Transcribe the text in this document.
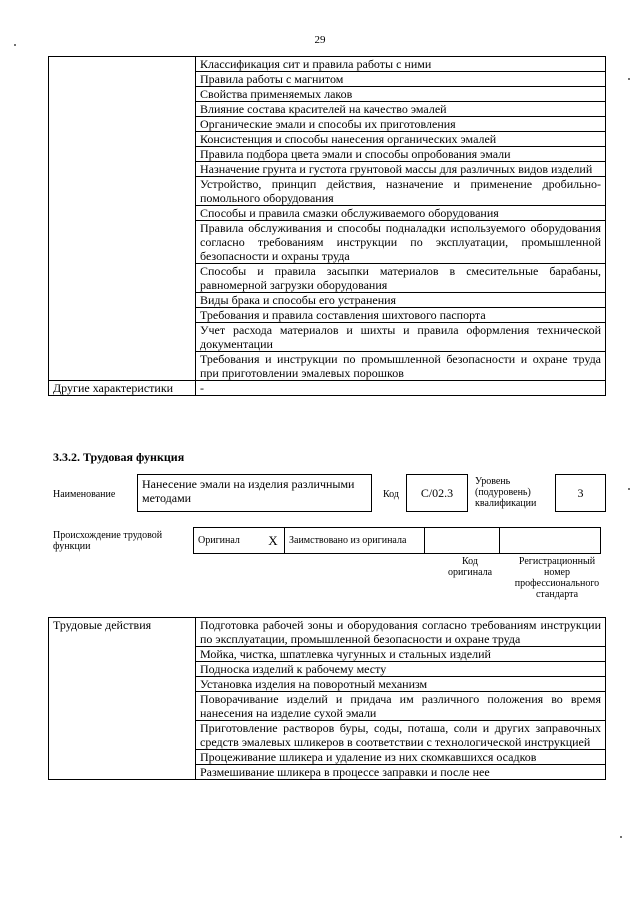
29
	Классификация сит и правила работы с ними
	Правила работы с магнитом
	Свойства применяемых лаков
	Влияние состава красителей на качество эмалей
	Органические эмали и способы их приготовления
	Консистенция и способы нанесения органических эмалей
	Правила подбора цвета эмали и способы опробования эмали
	Назначение грунта и густота грунтовой массы для различных видов изделий
	Устройство, принцип действия, назначение и применение дробильно-помольного оборудования
	Способы и правила смазки обслуживаемого оборудования
	Правила обслуживания и способы подналадки используемого оборудования согласно требованиям инструкции по эксплуатации, промышленной безопасности и охраны труда
	Способы и правила засыпки материалов в смесительные барабаны, равномерной загрузки оборудования
	Виды брака и способы его устранения
	Требования и правила составления шихтового паспорта
	Учет расхода материалов и шихты и правила оформления технической документации
	Требования и инструкции по промышленной безопасности и охране труда при приготовлении эмалевых порошков
Другие характеристики	-
3.3.2. Трудовая функция
Наименование
Нанесение эмали на изделия различными методами	Код	C/02.3
Уровень (подуровень) квалификации
3
Происхождение трудовой функции
Оригинал	X	Заимствовано из оригинала		
Код оригинала
Регистрационный номер профессионального стандарта
Трудовые действия	Подготовка рабочей зоны и оборудования согласно требованиям инструкции по эксплуатации, промышленной безопасности и охране труда
Мойка, чистка, шпатлевка чугунных и стальных изделий
Подноска изделий к рабочему месту
Установка изделия на поворотный механизм
Поворачивание изделий и придача им различного положения во время нанесения на изделие сухой эмали
Приготовление растворов буры, соды, поташа, соли и других заправочных средств эмалевых шликеров в соответствии с технологической инструкцией
Процеживание шликера и удаление из них скомкавшихся осадков
Размешивание шликера в процессе заправки и после нее
